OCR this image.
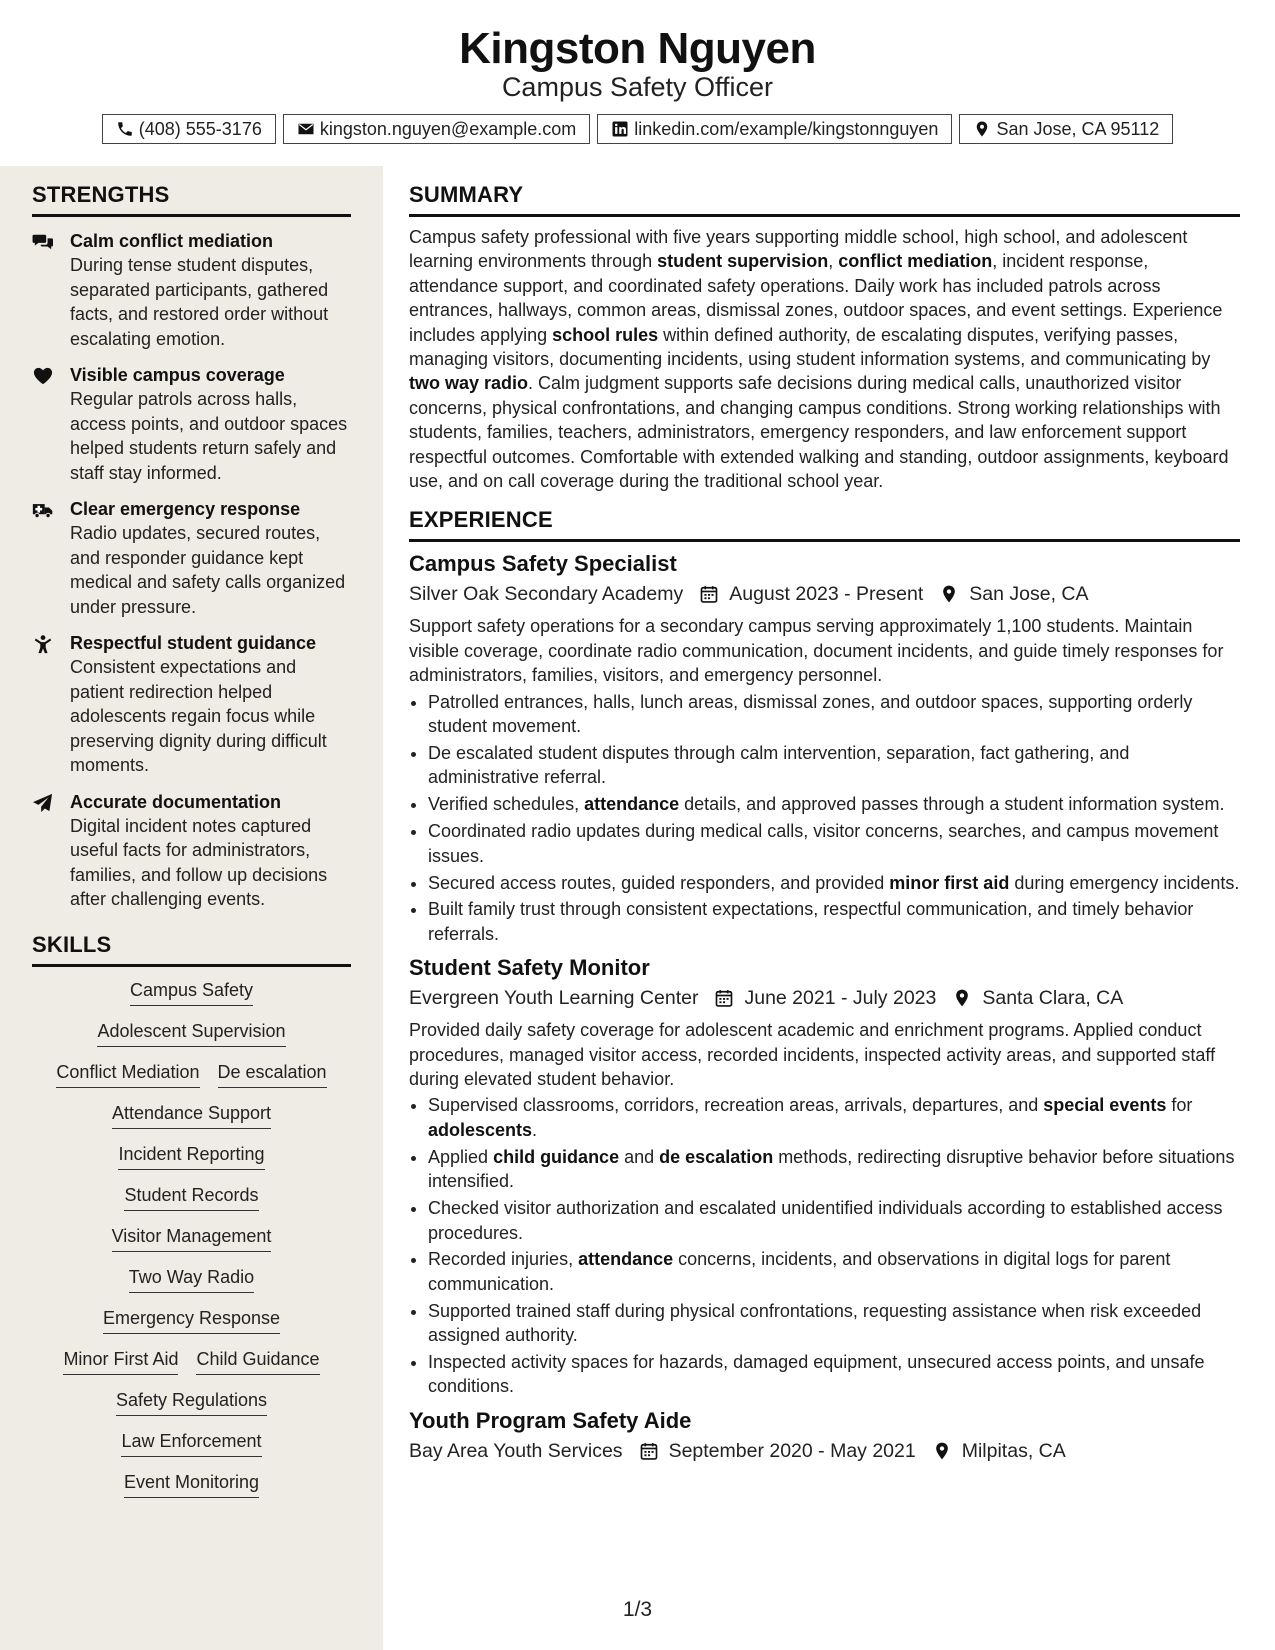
Kingston Nguyen
Campus Safety Officer
(408) 555-3176	kingston.nguyen@example.com	linkedin.com/example/kingstonnguyen	San Jose, CA 95112
STRENGTHS
Calm conflict mediation
During tense student disputes, separated participants, gathered facts, and restored order without escalating emotion.
Visible campus coverage
Regular patrols across halls, access points, and outdoor spaces helped students return safely and staff stay informed.
Clear emergency response
Radio updates, secured routes, and responder guidance kept medical and safety calls organized under pressure.
Respectful student guidance
Consistent expectations and patient redirection helped adolescents regain focus while preserving dignity during difficult moments.
Accurate documentation
Digital incident notes captured useful facts for administrators, families, and follow up decisions after challenging events.
SKILLS
Campus Safety
Adolescent Supervision
Conflict Mediation De escalation
Attendance Support
Incident Reporting
Student Records
Visitor Management
Two Way Radio
Emergency Response
Minor First Aid Child Guidance
Safety Regulations
Law Enforcement
Event Monitoring
SUMMARY
Campus safety professional with five years supporting middle school, high school, and adolescent learning environments through student supervision, conflict mediation, incident response, attendance support, and coordinated safety operations. Daily work has included patrols across entrances, hallways, common areas, dismissal zones, outdoor spaces, and event settings. Experience includes applying school rules within defined authority, de escalating disputes, verifying passes, managing visitors, documenting incidents, using student information systems, and communicating by two way radio. Calm judgment supports safe decisions during medical calls, unauthorized visitor concerns, physical confrontations, and changing campus conditions. Strong working relationships with students, families, teachers, administrators, emergency responders, and law enforcement support respectful outcomes. Comfortable with extended walking and standing, outdoor assignments, keyboard use, and on call coverage during the traditional school year.
EXPERIENCE
Campus Safety Specialist
Silver Oak Secondary Academy August 2023 - Present San Jose, CA
Support safety operations for a secondary campus serving approximately 1,100 students. Maintain visible coverage, coordinate radio communication, document incidents, and guide timely responses for administrators, families, visitors, and emergency personnel.
• Patrolled entrances, halls, lunch areas, dismissal zones, and outdoor spaces, supporting orderly student movement.
• De escalated student disputes through calm intervention, separation, fact gathering, and administrative referral.
• Verified schedules, attendance details, and approved passes through a student information system.
• Coordinated radio updates during medical calls, visitor concerns, searches, and campus movement issues.
• Secured access routes, guided responders, and provided minor first aid during emergency incidents.
• Built family trust through consistent expectations, respectful communication, and timely behavior referrals.
Student Safety Monitor
Evergreen Youth Learning Center June 2021 - July 2023 Santa Clara, CA
Provided daily safety coverage for adolescent academic and enrichment programs. Applied conduct procedures, managed visitor access, recorded incidents, inspected activity areas, and supported staff during elevated student behavior.
• Supervised classrooms, corridors, recreation areas, arrivals, departures, and special events for adolescents.
• Applied child guidance and de escalation methods, redirecting disruptive behavior before situations intensified.
• Checked visitor authorization and escalated unidentified individuals according to established access procedures.
• Recorded injuries, attendance concerns, incidents, and observations in digital logs for parent communication.
• Supported trained staff during physical confrontations, requesting assistance when risk exceeded assigned authority.
• Inspected activity spaces for hazards, damaged equipment, unsecured access points, and unsafe conditions.
Youth Program Safety Aide
Bay Area Youth Services September 2020 - May 2021 Milpitas, CA
1/3
